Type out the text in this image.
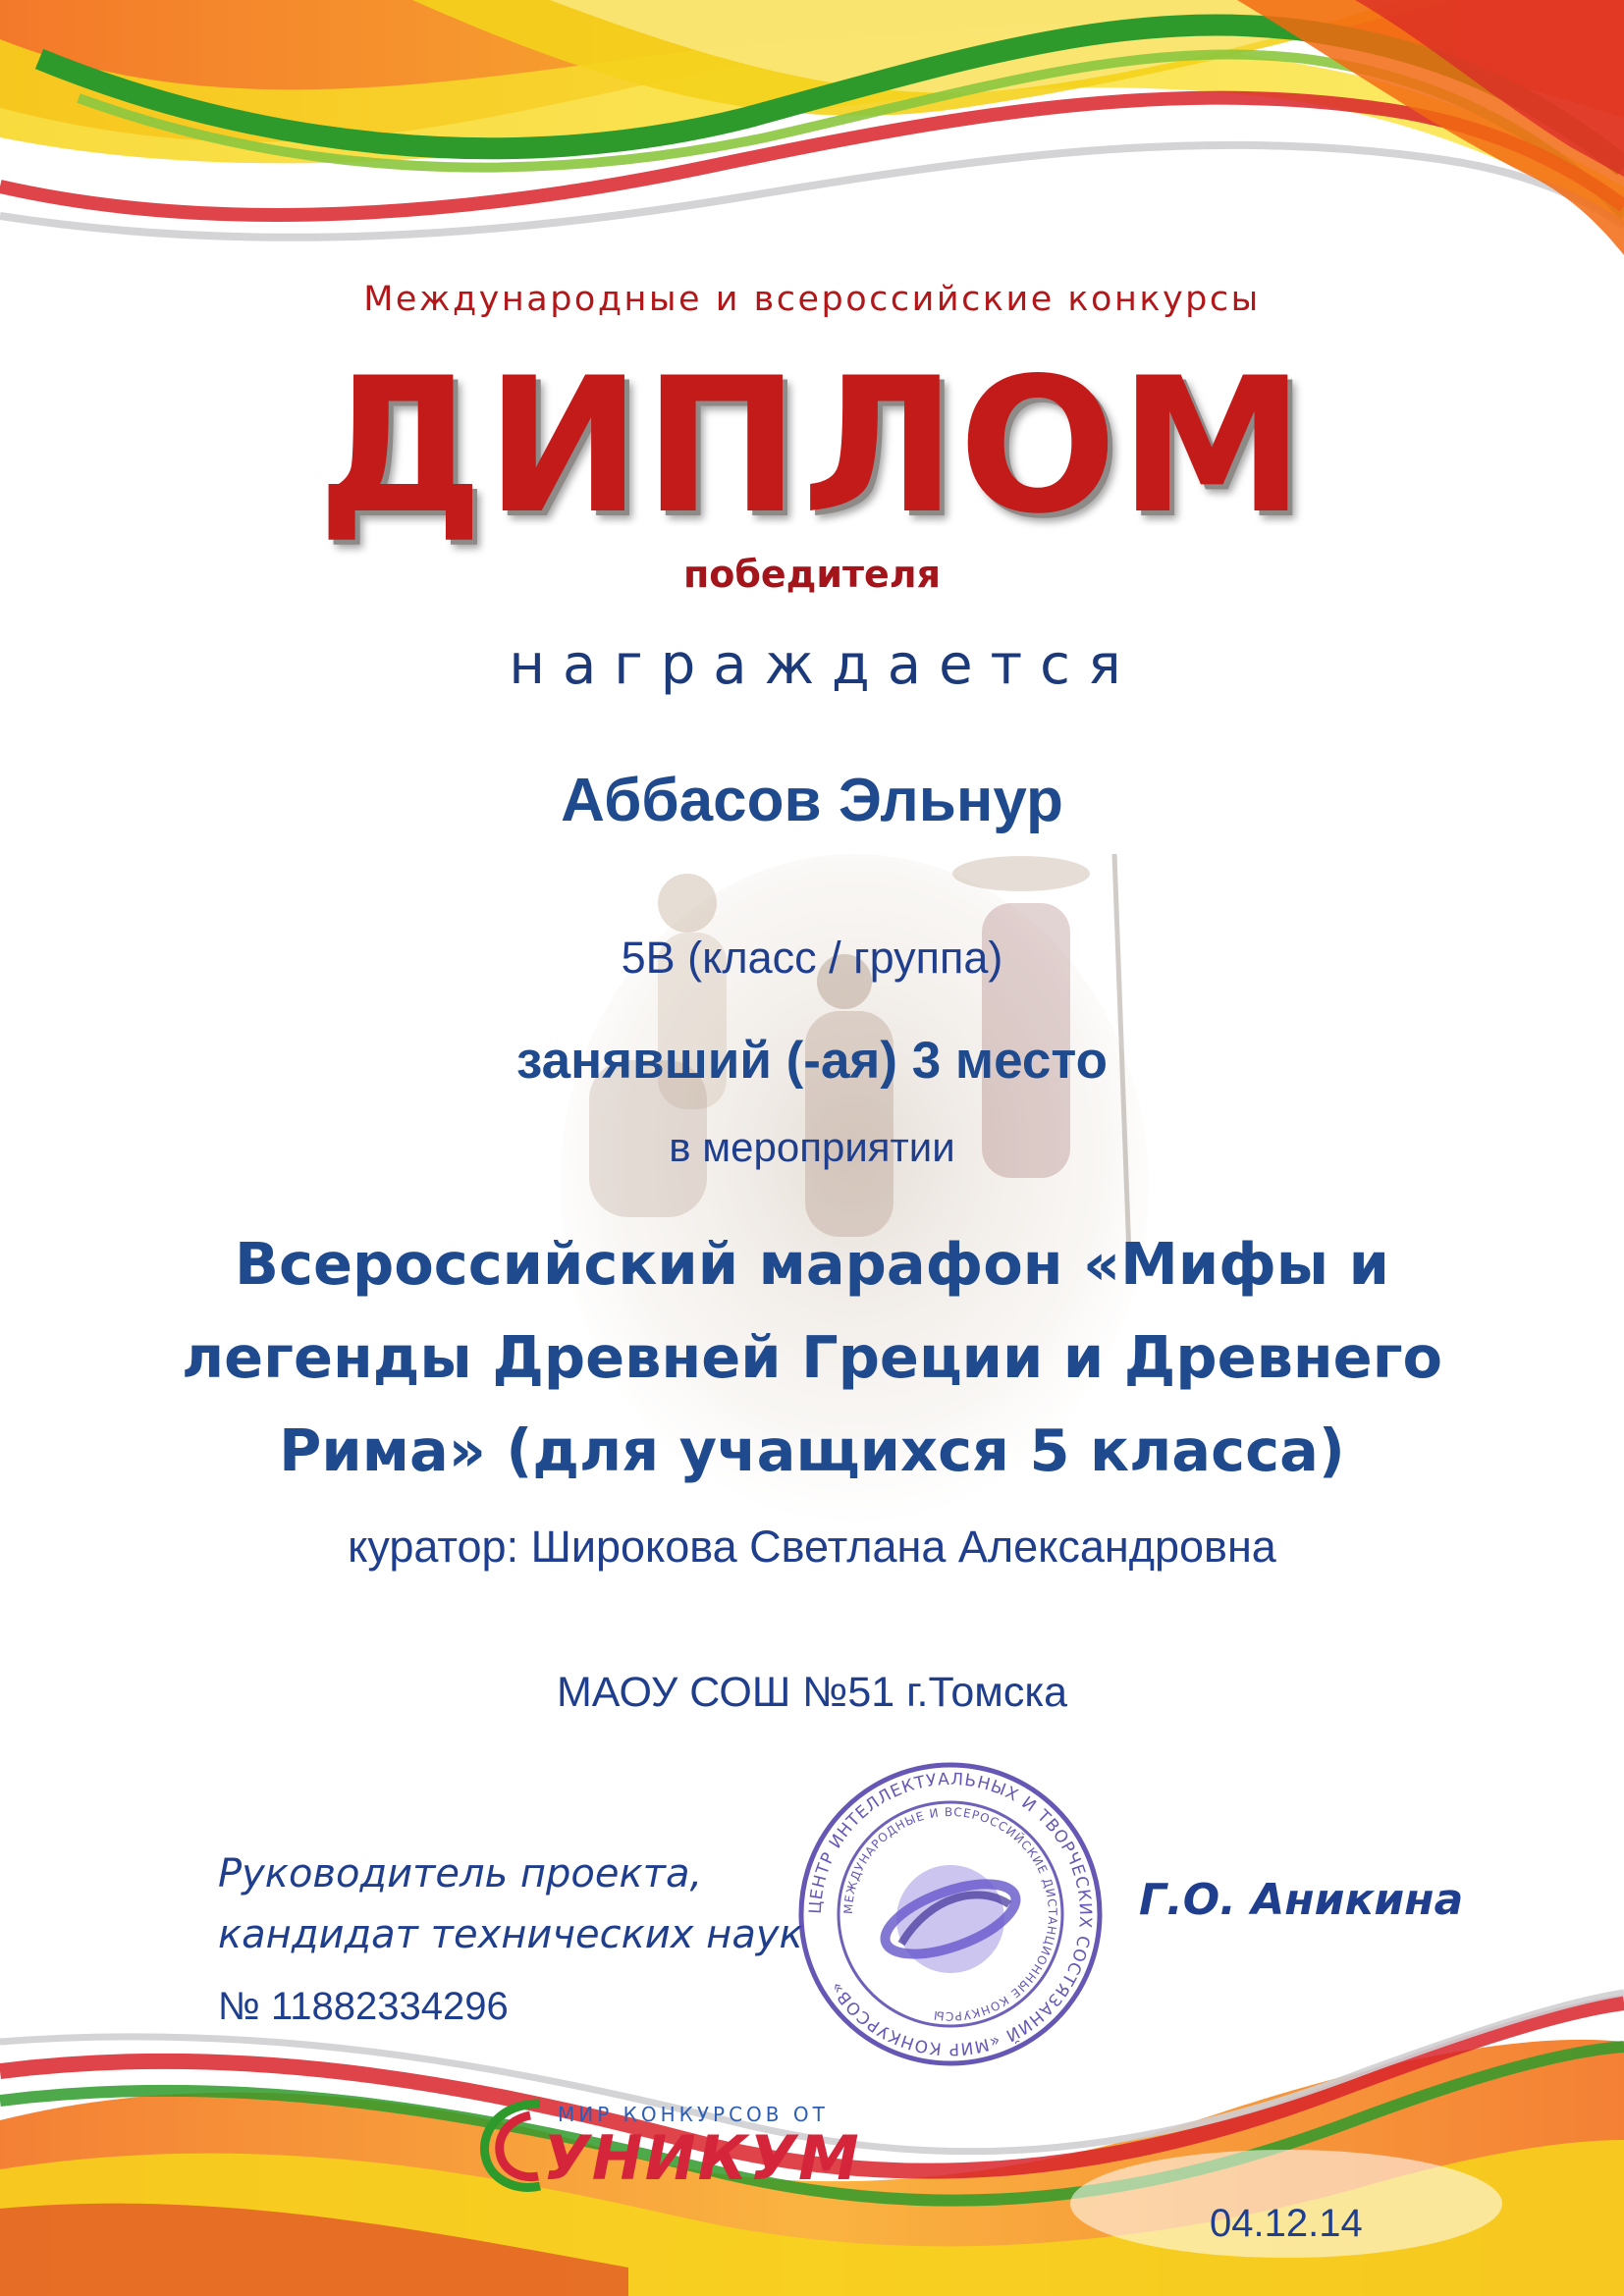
Международные и всероссийские конкурсы
ДИПЛОМ
победителя
награждается
Аббасов Эльнур
5В (класс / группа)
занявший (-ая) 3 место
в мероприятии
Всероссийский марафон «Мифы и
легенды Древней Греции и Древнего
Рима» (для учащихся 5 класса)
куратор: Широкова Светлана Александровна
МАОУ СОШ №51 г.Томска
Руководитель проекта,
кандидат технических наук
ЦЕНТР ИНТЕЛЛЕКТУАЛЬНЫХ И ТВОРЧЕСКИХ СОСТЯЗАНИЙ «МИР КОНКУРСОВ»
МЕЖДУНАРОДНЫЕ И ВСЕРОССИЙСКИЕ ДИСТАНЦИОННЫЕ КОНКУРСЫ
Г.О. Аникина
№ 11882334296
МИР КОНКУРСОВ ОТ
УНИКУМ
04.12.14
